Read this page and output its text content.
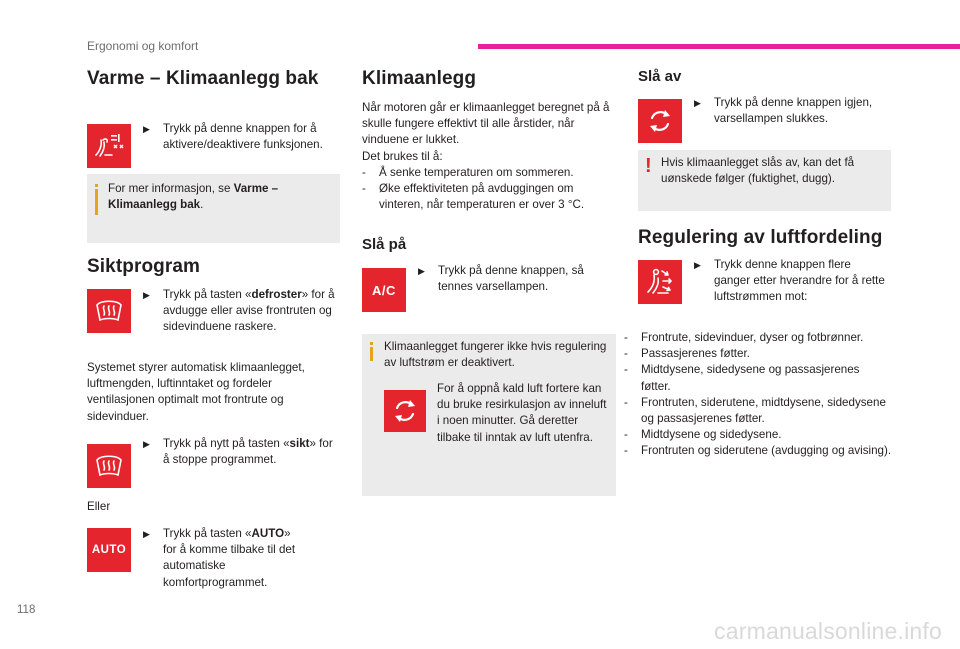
Ergonomi og komfort
Varme – Klimaanlegg bak
▶	Trykk på denne knappen for å aktivere/deaktivere funksjonen.
For mer informasjon, se Varme – Klimaanlegg bak.
Siktprogram
▶	Trykk på tasten «defroster» for å avdugge eller avise frontruten og sidevinduene raskere.
Systemet styrer automatisk klimaanlegget, luftmengden, luftinntaket og fordeler ventilasjonen optimalt mot frontrute og sidevinduer.
▶	Trykk på nytt på tasten «sikt» for å stoppe programmet.
Eller
AUTO
▶	Trykk på tasten «AUTO» for å komme tilbake til det automatiske komfortprogrammet.
Klimaanlegg

Når motoren går er klimaanlegget beregnet på å skulle fungere effektivt til alle årstider, når vinduene er lukket.

Det brukes til å:

-	Å senke temperaturen om sommeren.
-	Øke effektiviteten på avduggingen om vinteren, når temperaturen er over 3 °C.
Slå på
A/C
▶	Trykk på denne knappen, så tennes varsellampen.
Klimaanlegget fungerer ikke hvis regulering av luftstrøm er deaktivert.
For å oppnå kald luft fortere kan du bruke resirkulasjon av inneluft i noen minutter. Gå deretter tilbake til inntak av luft utenfra.
Slå av
▶	Trykk på denne knappen igjen, varsellampen slukkes.
! Hvis klimaanlegget slås av, kan det få uønskede følger (fuktighet, dugg).
Regulering av luftfordeling
▶	Trykk denne knappen flere ganger etter hverandre for å rette luftstrømmen mot:
-	Frontrute, sidevinduer, dyser og fotbrønner.
-	Passasjerenes føtter.
-	Midtdysene, sidedysene og passasjerenes føtter.
-	Frontruten, siderutene, midtdysene, sidedysene og passasjerenes føtter.
-	Midtdysene og sidedysene.
-	Frontruten og siderutene (avdugging og avising).
118
carmanualsonline.info
